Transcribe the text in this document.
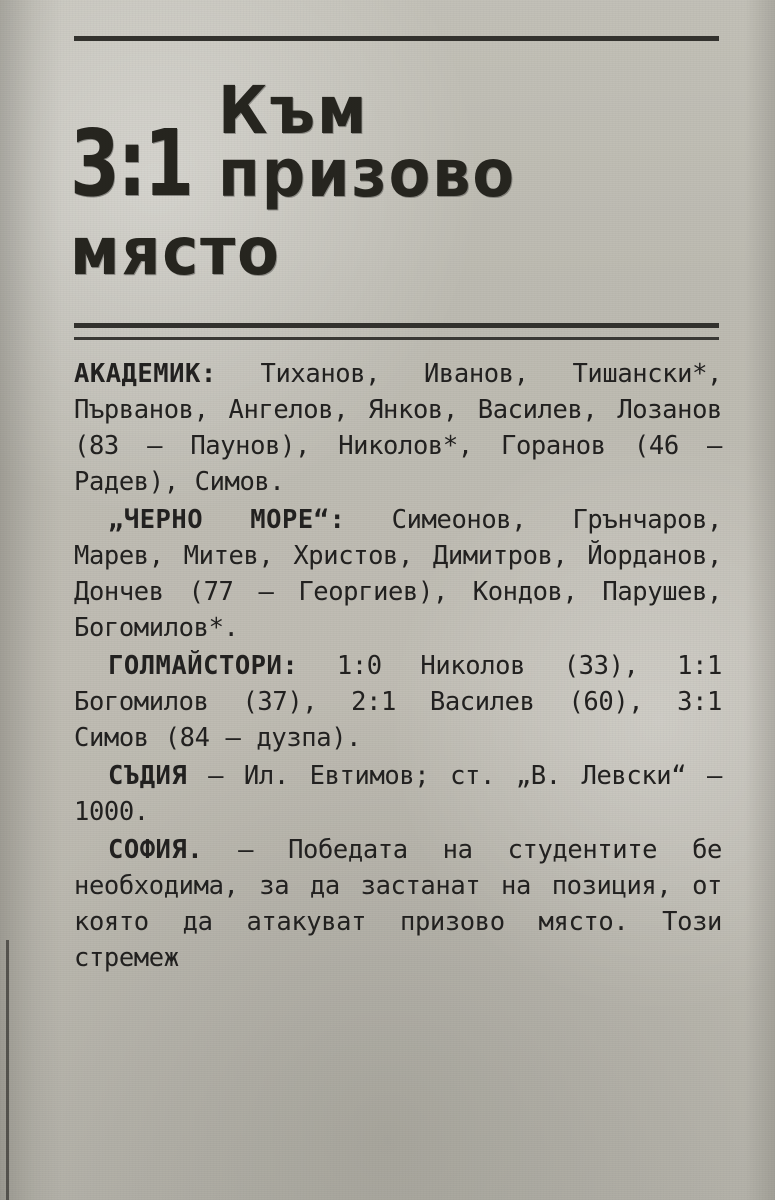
3:1 Към призово
място

АКАДЕМИК: Тиханов, Иванов, Тишански*, Първанов, Ангелов, Янков, Василев, Лозанов (83 — Паунов), Николов*, Горанов (46 — Радев), Симов.

„ЧЕРНО МОРЕ“: Симеонов, Грънчаров, Марев, Митев, Христов, Димитров, Йорданов, Дончев (77 — Георгиев), Кондов, Парушев, Богомилов*.

ГОЛМАЙСТОРИ: 1:0 Николов (33), 1:1 Богомилов (37), 2:1 Василев (60), 3:1 Симов (84 — дузпа).

СЪДИЯ — Ил. Евтимов; ст. „В. Левски“ — 1000.

СОФИЯ. — Победата на студентите бе необходима, за да застанат на позиция, от която да атакуват призово място. Този стремеж
